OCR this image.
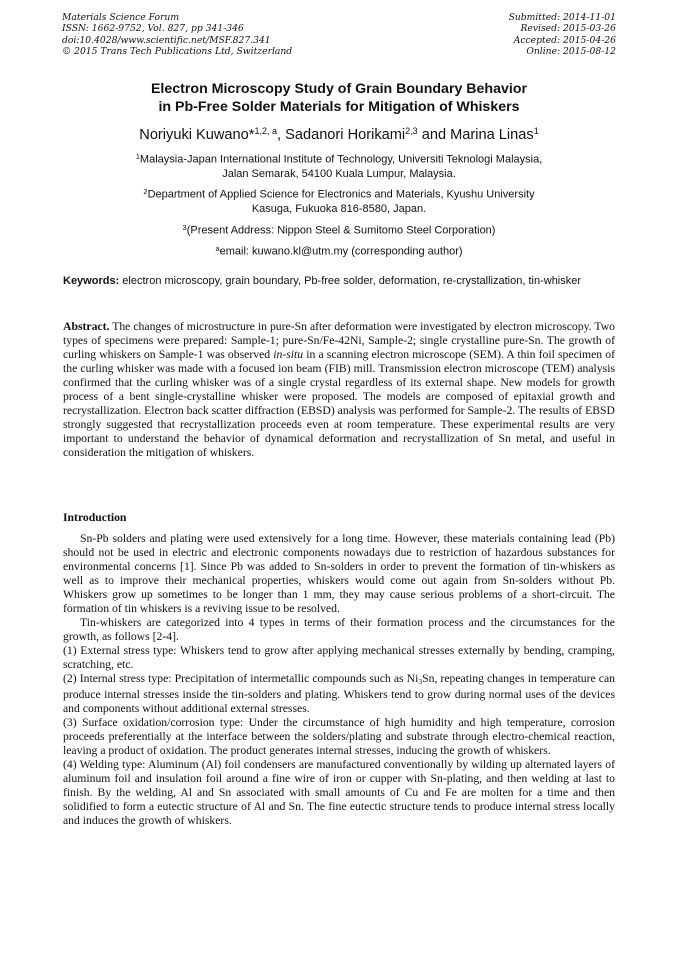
Materials Science Forum
ISSN: 1662-9752, Vol. 827, pp 341-346
doi:10.4028/www.scientific.net/MSF.827.341
© 2015 Trans Tech Publications Ltd, Switzerland
Submitted: 2014-11-01
Revised: 2015-03-26
Accepted: 2015-04-26
Online: 2015-08-12
Electron Microscopy Study of Grain Boundary Behavior
in Pb-Free Solder Materials for Mitigation of Whiskers
Noriyuki Kuwano*$^{1,2, a}$, Sadanori Horikami$^{2,3}$ and Marina Linas$^1$
$^1$Malaysia-Japan International Institute of Technology, Universiti Teknologi Malaysia,
Jalan Semarak, 54100 Kuala Lumpur, Malaysia.
$^2$Department of Applied Science for Electronics and Materials, Kyushu University
Kasuga, Fukuoka 816-8580, Japan.
$^3$(Present Address: Nippon Steel & Sumitomo Steel Corporation)
$^a$email: kuwano.kl@utm.my (corresponding author)
Keywords: electron microscopy, grain boundary, Pb-free solder, deformation, re-crystallization, tin-whisker

Abstract. The changes of microstructure in pure-Sn after deformation were investigated by electron microscopy. Two types of specimens were prepared: Sample-1; pure-Sn/Fe-42Ni, Sample-2; single crystalline pure-Sn. The growth of curling whiskers on Sample-1 was observed in-situ in a scanning electron microscope (SEM). A thin foil specimen of the curling whisker was made with a focused ion beam (FIB) mill. Transmission electron microscope (TEM) analysis confirmed that the curling whisker was of a single crystal regardless of its external shape. New models for growth process of a bent single-crystalline whisker were proposed. The models are composed of epitaxial growth and recrystallization. Electron back scatter diffraction (EBSD) analysis was performed for Sample-2. The results of EBSD strongly suggested that recrystallization proceeds even at room temperature. These experimental results are very important to understand the behavior of dynamical deformation and recrystallization of Sn metal, and useful in consideration the mitigation of whiskers.

Introduction

Sn-Pb solders and plating were used extensively for a long time. However, these materials containing lead (Pb) should not be used in electric and electronic components nowadays due to restriction of hazardous substances for environmental concerns [1]. Since Pb was added to Sn-solders in order to prevent the formation of tin-whiskers as well as to improve their mechanical properties, whiskers would come out again from Sn-solders without Pb. Whiskers grow up sometimes to be longer than 1 mm, they may cause serious problems of a short-circuit. The formation of tin whiskers is a reviving issue to be resolved.

Tin-whiskers are categorized into 4 types in terms of their formation process and the circumstances for the growth, as follows [2-4].

(1) External stress type: Whiskers tend to grow after applying mechanical stresses externally by bending, cramping, scratching, etc.

(2) Internal stress type: Precipitation of intermetallic compounds such as $Ni_3Sn$, repeating changes in temperature can produce internal stresses inside the tin-solders and plating. Whiskers tend to grow during normal uses of the devices and components without additional external stresses.

(3) Surface oxidation/corrosion type: Under the circumstance of high humidity and high temperature, corrosion proceeds preferentially at the interface between the solders/plating and substrate through electro-chemical reaction, leaving a product of oxidation. The product generates internal stresses, inducing the growth of whiskers.

(4) Welding type: Aluminum (Al) foil condensers are manufactured conventionally by wilding up alternated layers of aluminum foil and insulation foil around a fine wire of iron or cupper with Sn-plating, and then welding at last to finish. By the welding, Al and Sn associated with small amounts of Cu and Fe are molten for a time and then solidified to form a eutectic structure of Al and Sn. The fine eutectic structure tends to produce internal stress locally and induces the growth of whiskers.
